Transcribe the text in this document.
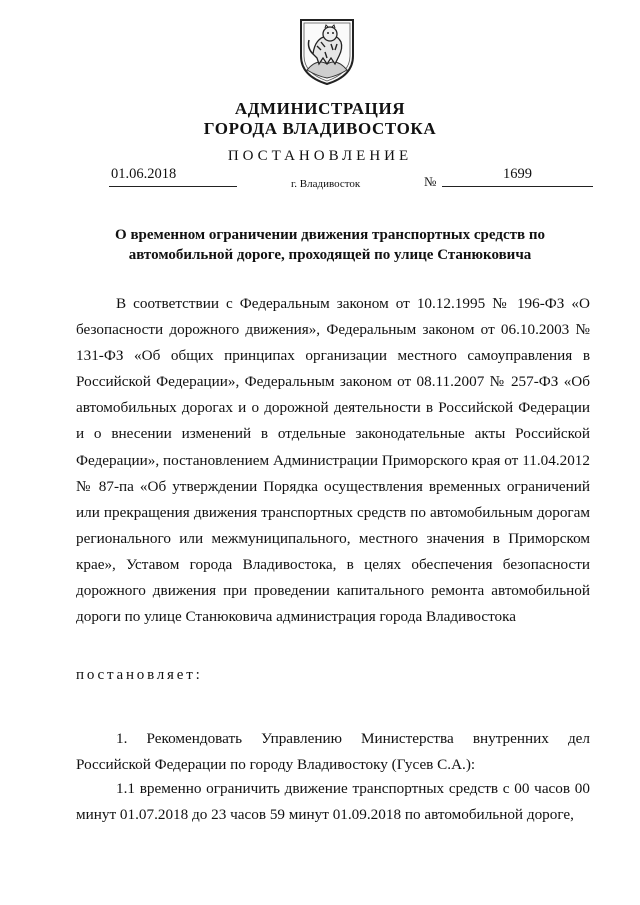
АДМИНИСТРАЦИЯ
ГОРОДА ВЛАДИВОСТОКА
ПОСТАНОВЛЕНИЕ
01.06.2018
г. Владивосток	№	1699
О временном ограничении движения транспортных средств по автомобильной дороге, проходящей по улице Станюковича
В соответствии с Федеральным законом от 10.12.1995 № 196-ФЗ «О безопасности дорожного движения», Федеральным законом от 06.10.2003 № 131-ФЗ «Об общих принципах организации местного самоуправления в Российской Федерации», Федеральным законом от 08.11.2007 № 257-ФЗ «Об автомобильных дорогах и о дорожной деятельности в Российской Федерации и о внесении изменений в отдельные законодательные акты Российской Федерации», постановлением Администрации Приморского края от 11.04.2012 № 87-па «Об утверждении Порядка осуществления временных ограничений или прекращения движения транспортных средств по автомобильным дорогам регионального или межмуниципального, местного значения в Приморском крае», Уставом города Владивостока, в целях обеспечения безопасности дорожного движения при проведении капитального ремонта автомобильной дороги по улице Станюковича администрация города Владивостока
постановляет:
1. Рекомендовать Управлению Министерства внутренних дел Российской Федерации по городу Владивостоку (Гусев С.А.):
1.1 временно ограничить движение транспортных средств с 00 часов 00 минут 01.07.2018 до 23 часов 59 минут 01.09.2018 по автомобильной дороге,
